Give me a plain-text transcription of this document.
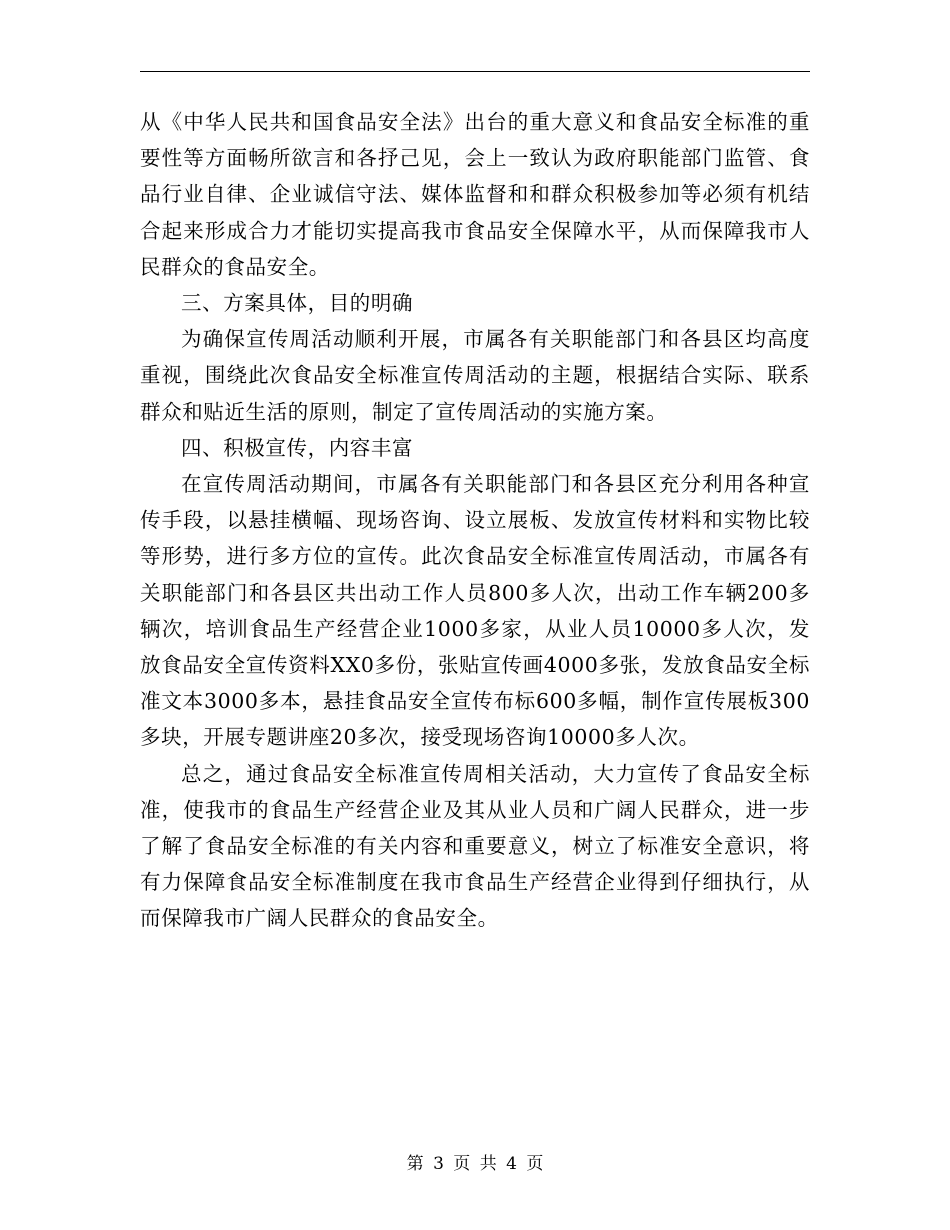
从《中华人民共和国食品安全法》出台的重大意义和食品安全标准的重要性等方面畅所欲言和各抒己见，会上一致认为政府职能部门监管、食品行业自律、企业诚信守法、媒体监督和和群众积极参加等必须有机结合起来形成合力才能切实提高我市食品安全保障水平，从而保障我市人民群众的食品安全。

三、方案具体，目的明确

为确保宣传周活动顺利开展，市属各有关职能部门和各县区均高度重视，围绕此次食品安全标准宣传周活动的主题，根据结合实际、联系群众和贴近生活的原则，制定了宣传周活动的实施方案。

四、积极宣传，内容丰富

在宣传周活动期间，市属各有关职能部门和各县区充分利用各种宣传手段，以悬挂横幅、现场咨询、设立展板、发放宣传材料和实物比较等形势，进行多方位的宣传。此次食品安全标准宣传周活动，市属各有关职能部门和各县区共出动工作人员800多人次，出动工作车辆200多辆次，培训食品生产经营企业1000多家，从业人员10000多人次，发放食品安全宣传资料XX0多份，张贴宣传画4000多张，发放食品安全标准文本3000多本，悬挂食品安全宣传布标600多幅，制作宣传展板300多块，开展专题讲座20多次，接受现场咨询10000多人次。

总之，通过食品安全标准宣传周相关活动，大力宣传了食品安全标准，使我市的食品生产经营企业及其从业人员和广阔人民群众，进一步了解了食品安全标准的有关内容和重要意义，树立了标准安全意识，将有力保障食品安全标准制度在我市食品生产经营企业得到仔细执行，从而保障我市广阔人民群众的食品安全。

第 3 页 共 4 页
